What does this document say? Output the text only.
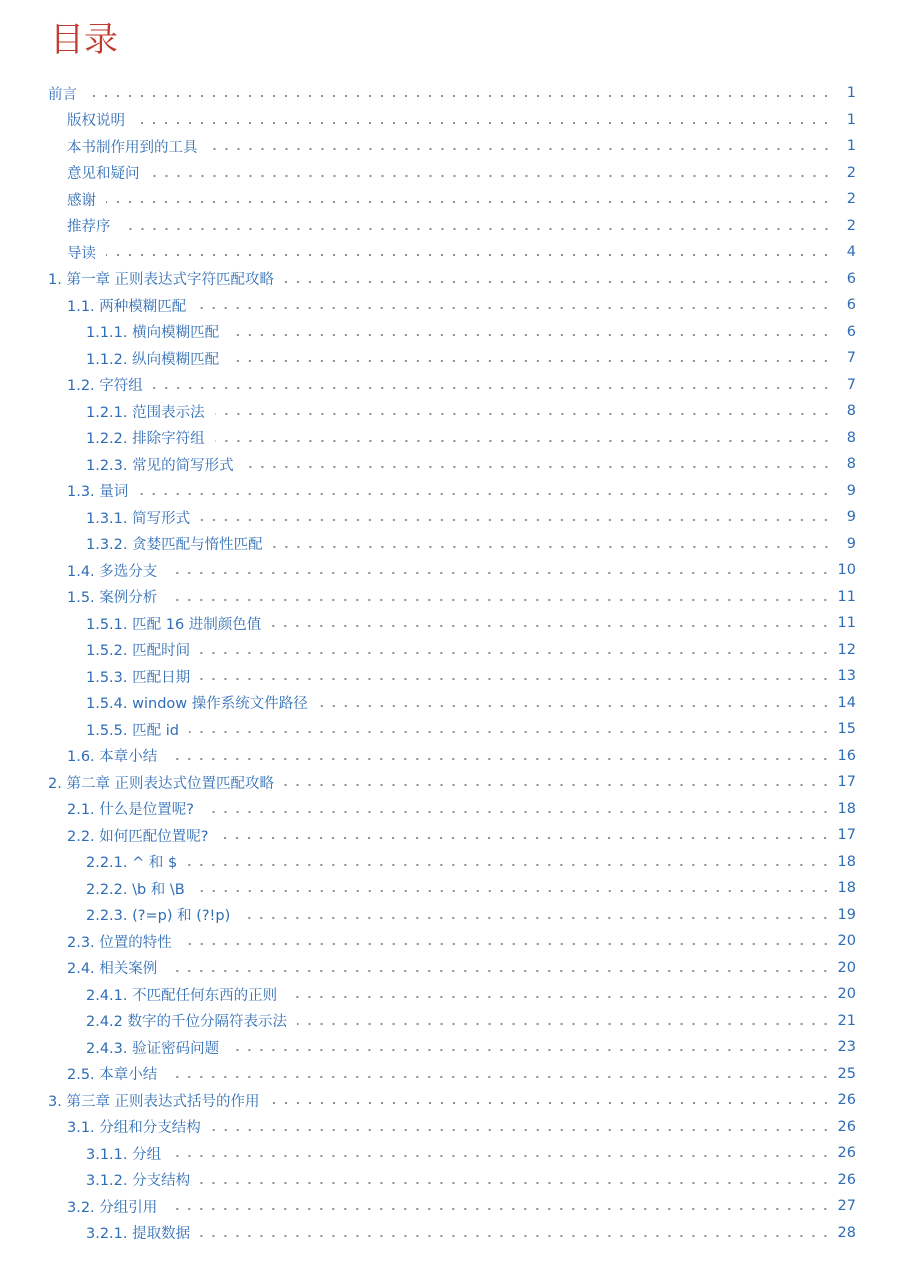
目录
前言	1
版权说明	1
本书制作用到的工具	1
意见和疑问	2
感谢	2
推荐序	2
导读	4
1. 第一章 正则表达式字符匹配攻略	6
1.1. 两种模糊匹配	6
1.1.1. 横向模糊匹配	6
1.1.2. 纵向模糊匹配	7
1.2. 字符组	7
1.2.1. 范围表示法	8
1.2.2. 排除字符组	8
1.2.3. 常见的简写形式	8
1.3. 量词	9
1.3.1. 简写形式	9
1.3.2. 贪婪匹配与惰性匹配	9
1.4. 多选分支	10
1.5. 案例分析	11
1.5.1. 匹配 16 进制颜色值	11
1.5.2. 匹配时间	12
1.5.3. 匹配日期	13
1.5.4. window 操作系统文件路径	14
1.5.5. 匹配 id	15
1.6. 本章小结	16
2. 第二章 正则表达式位置匹配攻略	17
2.1. 什么是位置呢?	18
2.2. 如何匹配位置呢?	17
2.2.1. ^ 和 $	18
2.2.2. \b 和 \B	18
2.2.3. (?=p) 和 (?!p)	19
2.3. 位置的特性	20
2.4. 相关案例	20
2.4.1. 不匹配任何东西的正则	20
2.4.2 数字的千位分隔符表示法	21
2.4.3. 验证密码问题	23
2.5. 本章小结	25
3. 第三章 正则表达式括号的作用	26
3.1. 分组和分支结构	26
3.1.1. 分组	26
3.1.2. 分支结构	26
3.2. 分组引用	27
3.2.1. 提取数据	28
